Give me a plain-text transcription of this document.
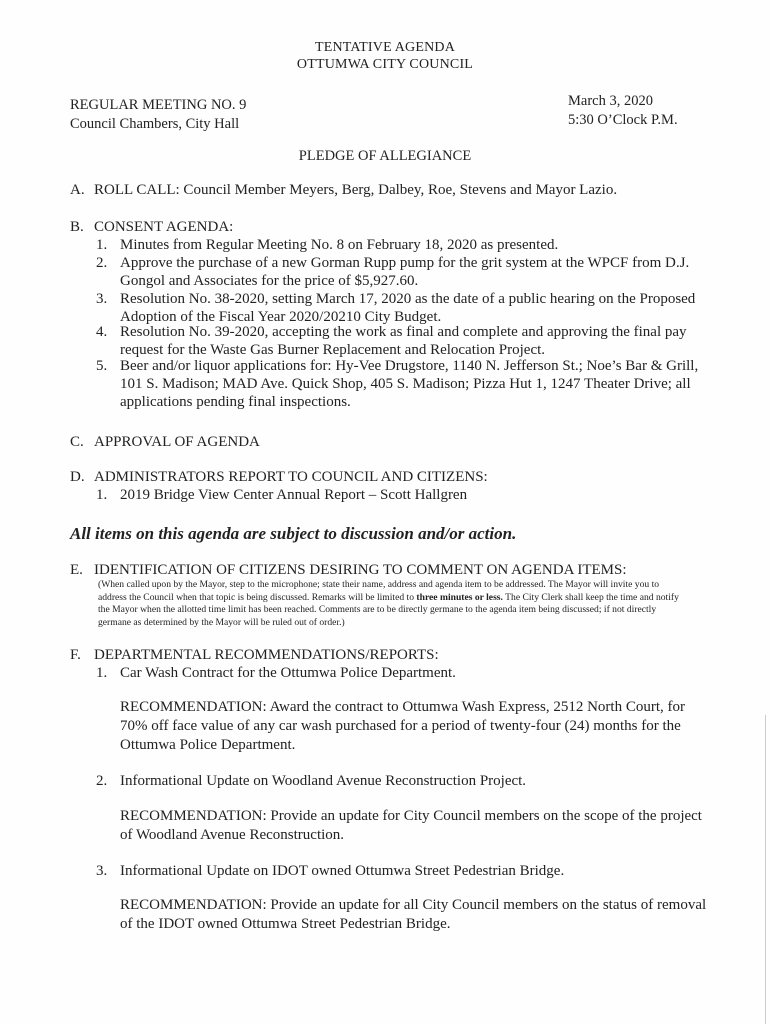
TENTATIVE AGENDA
OTTUMWA CITY COUNCIL
REGULAR MEETING NO. 9
Council Chambers, City Hall
March 3, 2020
5:30 O’Clock P.M.
PLEDGE OF ALLEGIANCE
A. ROLL CALL: Council Member Meyers, Berg, Dalbey, Roe, Stevens and Mayor Lazio.
B. CONSENT AGENDA:
1. Minutes from Regular Meeting No. 8 on February 18, 2020 as presented.
2. Approve the purchase of a new Gorman Rupp pump for the grit system at the WPCF from D.J.
Gongol and Associates for the price of $5,927.60.
3. Resolution No. 38-2020, setting March 17, 2020 as the date of a public hearing on the Proposed
Adoption of the Fiscal Year 2020/20210 City Budget.
4. Resolution No. 39-2020, accepting the work as final and complete and approving the final pay
request for the Waste Gas Burner Replacement and Relocation Project.
5. Beer and/or liquor applications for: Hy-Vee Drugstore, 1140 N. Jefferson St.; Noe’s Bar & Grill,
101 S. Madison; MAD Ave. Quick Shop, 405 S. Madison; Pizza Hut 1, 1247 Theater Drive; all
applications pending final inspections.
C. APPROVAL OF AGENDA
D. ADMINISTRATORS REPORT TO COUNCIL AND CITIZENS:
1. 2019 Bridge View Center Annual Report – Scott Hallgren
All items on this agenda are subject to discussion and/or action.
E. IDENTIFICATION OF CITIZENS DESIRING TO COMMENT ON AGENDA ITEMS:
(When called upon by the Mayor, step to the microphone; state their name, address and agenda item to be addressed. The Mayor will invite you to
address the Council when that topic is being discussed. Remarks will be limited to three minutes or less. The City Clerk shall keep the time and notify
the Mayor when the allotted time limit has been reached. Comments are to be directly germane to the agenda item being discussed; if not directly
germane as determined by the Mayor will be ruled out of order.)
F. DEPARTMENTAL RECOMMENDATIONS/REPORTS:
1. Car Wash Contract for the Ottumwa Police Department.
RECOMMENDATION: Award the contract to Ottumwa Wash Express, 2512 North Court, for
70% off face value of any car wash purchased for a period of twenty-four (24) months for the
Ottumwa Police Department.
2. Informational Update on Woodland Avenue Reconstruction Project.
RECOMMENDATION: Provide an update for City Council members on the scope of the project
of Woodland Avenue Reconstruction.
3. Informational Update on IDOT owned Ottumwa Street Pedestrian Bridge.
RECOMMENDATION: Provide an update for all City Council members on the status of removal
of the IDOT owned Ottumwa Street Pedestrian Bridge.
